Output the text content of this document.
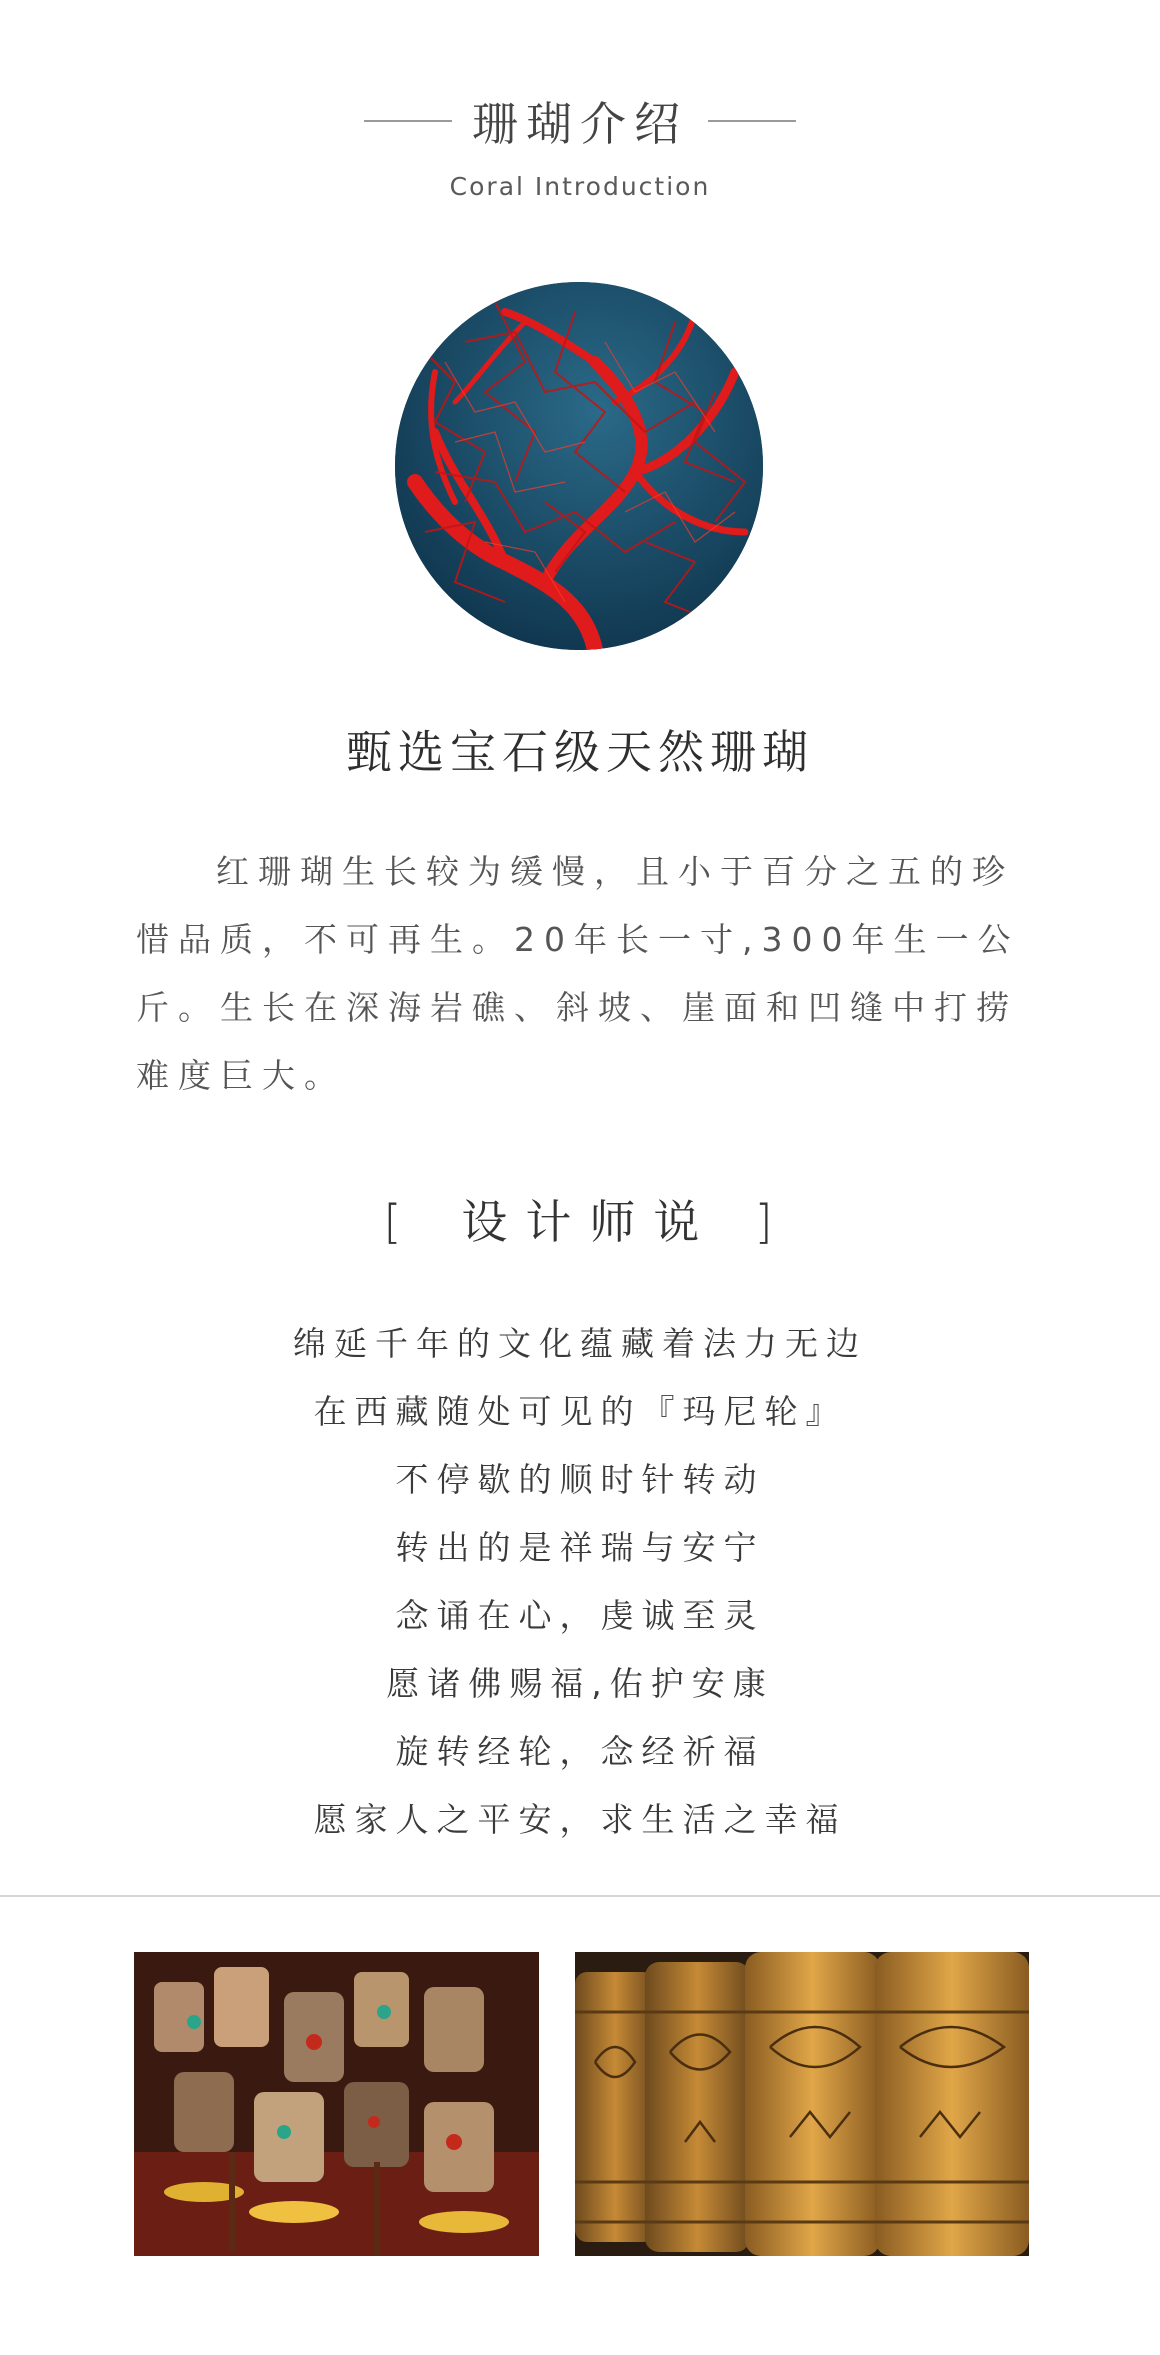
珊瑚介绍
Coral Introduction
甄选宝石级天然珊瑚

红珊瑚生长较为缓慢，且小于百分之五的珍惜品质，不可再生。20年长一寸,300年生一公斤。生长在深海岩礁、斜坡、崖面和凹缝中打捞难度巨大。

[ 设计师说 ]
绵延千年的文化蕴藏着法力无边
在西藏随处可见的『玛尼轮』
不停歇的顺时针转动
转出的是祥瑞与安宁
念诵在心，虔诚至灵
愿诸佛赐福,佑护安康
旋转经轮，念经祈福
愿家人之平安，求生活之幸福
